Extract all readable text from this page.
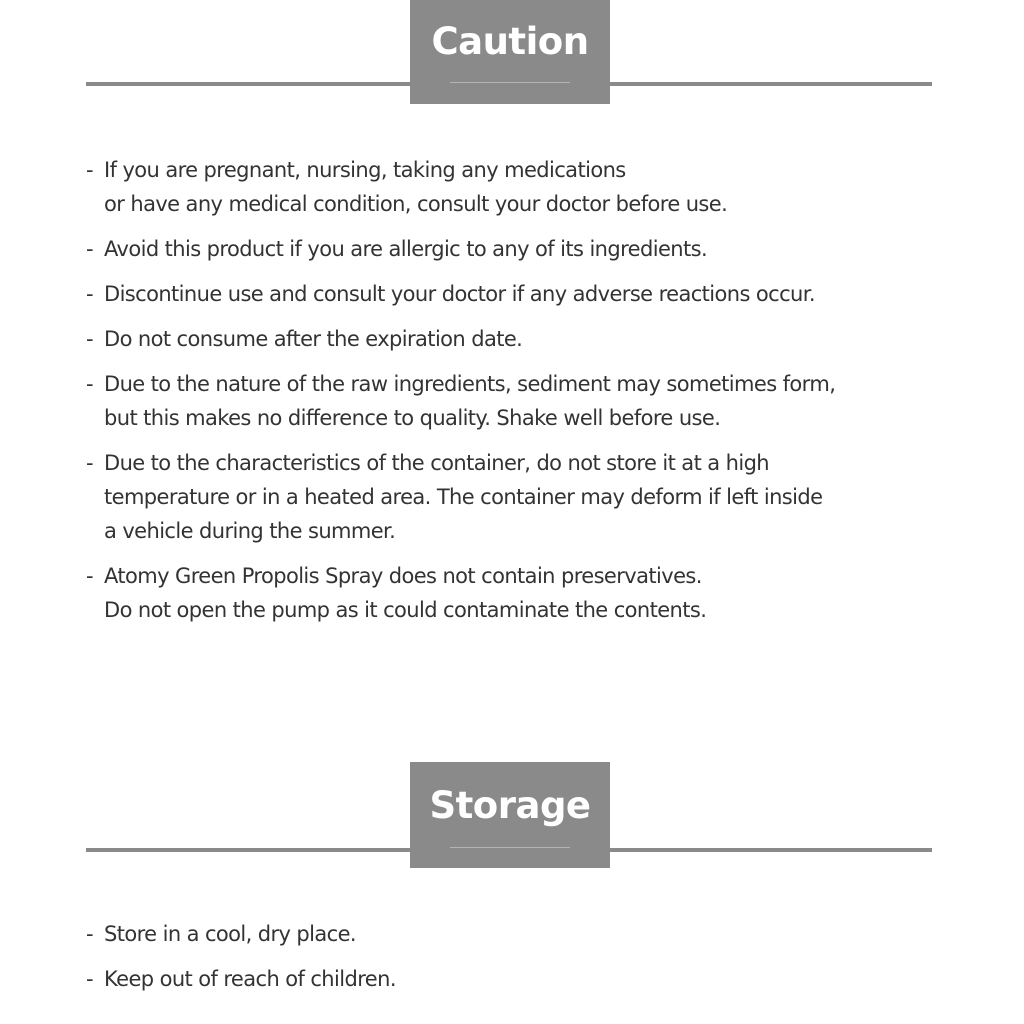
Caution
- If you are pregnant, nursing, taking any medications
or have any medical condition, consult your doctor before use.
- Avoid this product if you are allergic to any of its ingredients.
- Discontinue use and consult your doctor if any adverse reactions occur.
- Do not consume after the expiration date.
- Due to the nature of the raw ingredients, sediment may sometimes form,
but this makes no difference to quality. Shake well before use.
- Due to the characteristics of the container, do not store it at a high
temperature or in a heated area. The container may deform if left inside
a vehicle during the summer.
- Atomy Green Propolis Spray does not contain preservatives.
Do not open the pump as it could contaminate the contents.
Storage
- Store in a cool, dry place.
- Keep out of reach of children.
